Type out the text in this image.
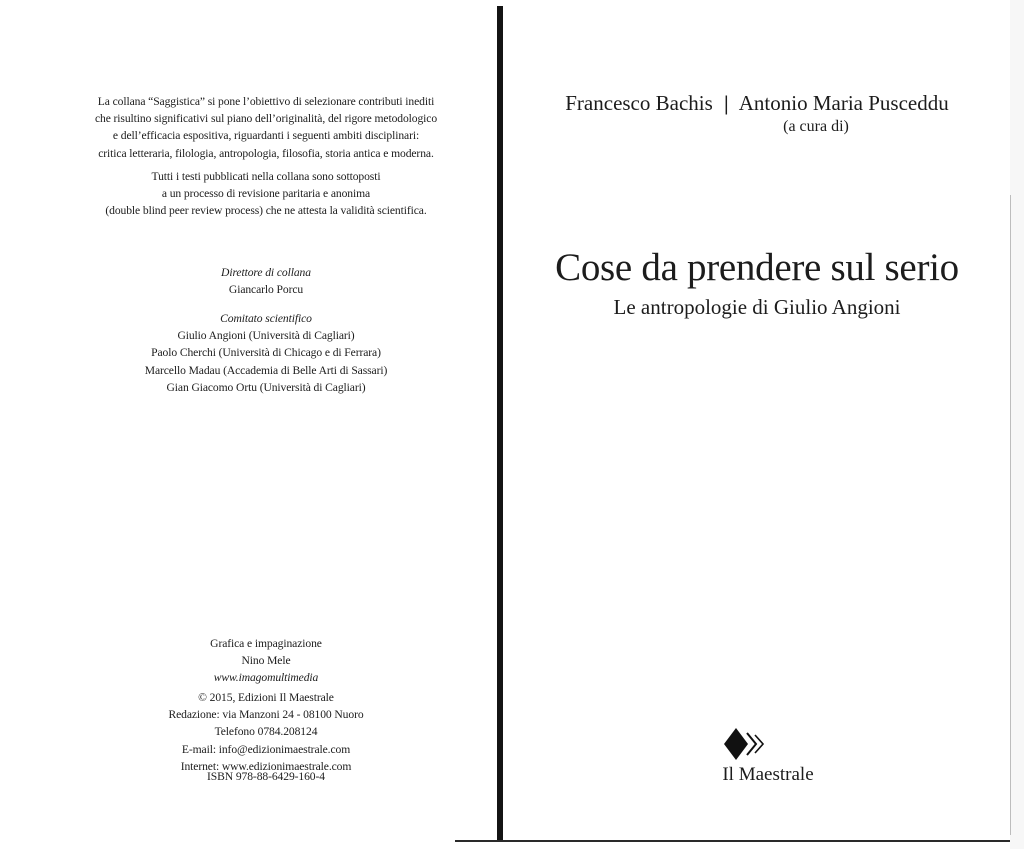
La collana “Saggistica” si pone l’obiettivo di selezionare contributi inediti

che risultino significativi sul piano dell’originalità, del rigore metodologico

e dell’efficacia espositiva, riguardanti i seguenti ambiti disciplinari:

critica letteraria, filologia, antropologia, filosofia, storia antica e moderna.

Tutti i testi pubblicati nella collana sono sottoposti

a un processo di revisione paritaria e anonima

(double blind peer review process) che ne attesta la validità scientifica.

Direttore di collana

Giancarlo Porcu

Comitato scientifico

Giulio Angioni (Università di Cagliari)

Paolo Cherchi (Università di Chicago e di Ferrara)

Marcello Madau (Accademia di Belle Arti di Sassari)

Gian Giacomo Ortu (Università di Cagliari)

Grafica e impaginazione

Nino Mele

www.imagomultimedia

© 2015, Edizioni Il Maestrale

Redazione: via Manzoni 24 - 08100 Nuoro

Telefono 0784.208124

E-mail: info@edizionimaestrale.com

Internet: www.edizionimaestrale.com

ISBN 978-88-6429-160-4

Francesco Bachis | Antonio Maria Pusceddu
(a cura di)
Cose da prendere sul serio
Le antropologie di Giulio Angioni
Il Maestrale
